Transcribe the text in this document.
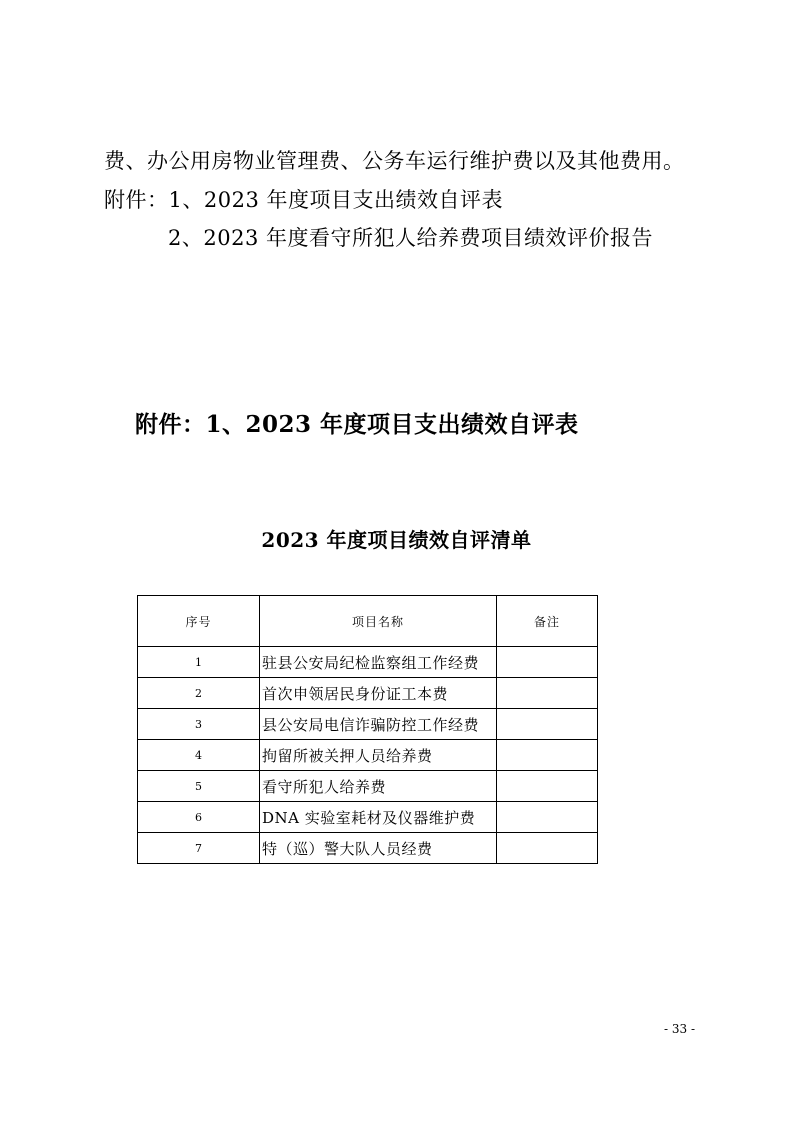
费、办公用房物业管理费、公务车运行维护费以及其他费用。
附件：1、2023 年度项目支出绩效自评表
2、2023 年度看守所犯人给养费项目绩效评价报告
附件：1、2023 年度项目支出绩效自评表
2023 年度项目绩效自评清单
序号	项目名称	备注
1	驻县公安局纪检监察组工作经费	
2	首次申领居民身份证工本费	
3	县公安局电信诈骗防控工作经费	
4	拘留所被关押人员给养费	
5	看守所犯人给养费	
6	DNA 实验室耗材及仪器维护费	
7	特（巡）警大队人员经费	
- 33 -
